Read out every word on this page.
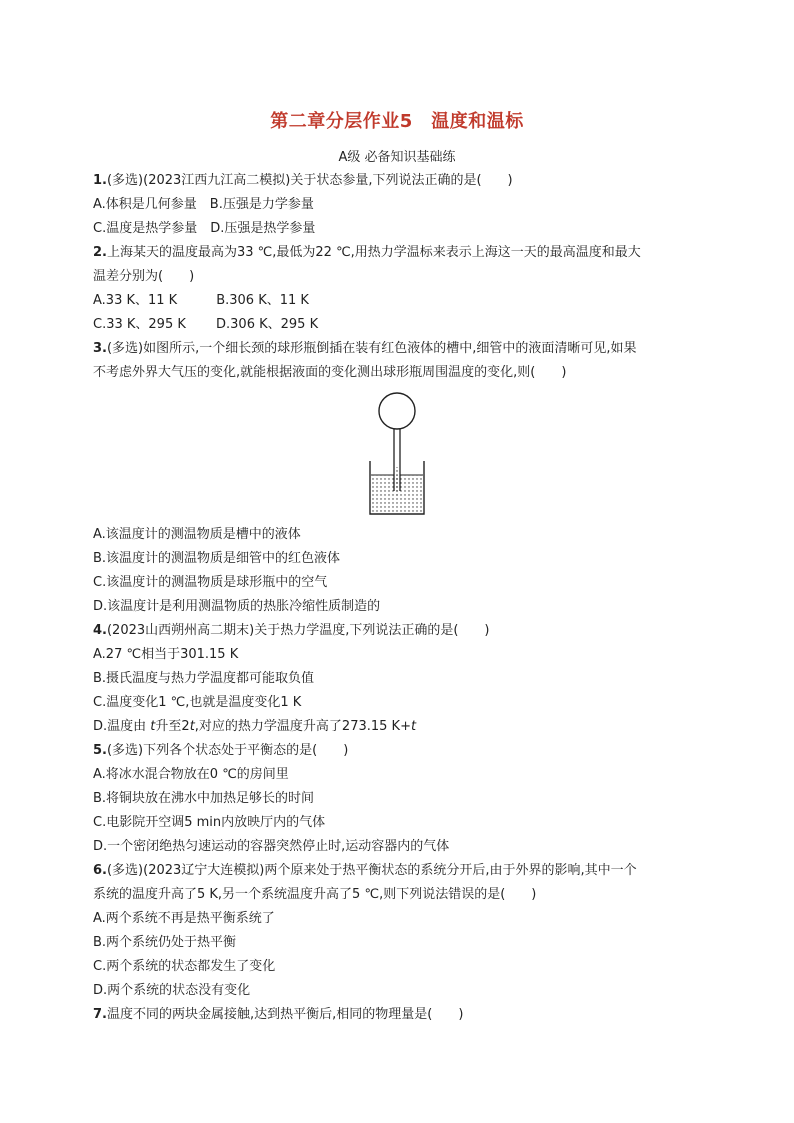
第二章分层作业5　温度和温标
A级 必备知识基础练
1.(多选)(2023江西九江高二模拟)关于状态参量,下列说法正确的是(　　)
A.体积是几何参量　B.压强是力学参量
C.温度是热学参量　D.压强是热学参量
2.上海某天的温度最高为33 ℃,最低为22 ℃,用热力学温标来表示上海这一天的最高温度和最大
温差分别为(　　)
A.33 K、11 K　　　B.306 K、11 K
C.33 K、295 K　　 D.306 K、295 K
3.(多选)如图所示,一个细长颈的球形瓶倒插在装有红色液体的槽中,细管中的液面清晰可见,如果
不考虑外界大气压的变化,就能根据液面的变化测出球形瓶周围温度的变化,则(　　)
A.该温度计的测温物质是槽中的液体
B.该温度计的测温物质是细管中的红色液体
C.该温度计的测温物质是球形瓶中的空气
D.该温度计是利用测温物质的热胀冷缩性质制造的
4.(2023山西朔州高二期末)关于热力学温度,下列说法正确的是(　　)
A.27 ℃相当于301.15 K
B.摄氏温度与热力学温度都可能取负值
C.温度变化1 ℃,也就是温度变化1 K
D.温度由 t升至2t,对应的热力学温度升高了273.15 K+t
5.(多选)下列各个状态处于平衡态的是(　　)
A.将冰水混合物放在0 ℃的房间里
B.将铜块放在沸水中加热足够长的时间
C.电影院开空调5 min内放映厅内的气体
D.一个密闭绝热匀速运动的容器突然停止时,运动容器内的气体
6.(多选)(2023辽宁大连模拟)两个原来处于热平衡状态的系统分开后,由于外界的影响,其中一个
系统的温度升高了5 K,另一个系统温度升高了5 ℃,则下列说法错误的是(　　)
A.两个系统不再是热平衡系统了
B.两个系统仍处于热平衡
C.两个系统的状态都发生了变化
D.两个系统的状态没有变化
7.温度不同的两块金属接触,达到热平衡后,相同的物理量是(　　)
